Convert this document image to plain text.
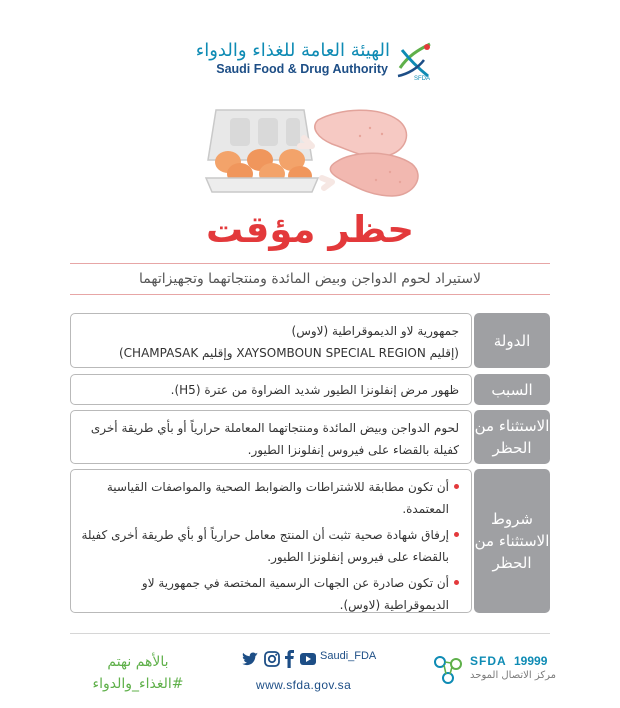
الهيئة العامة للغذاء والدواء
Saudi Food & Drug Authority
SFDA
حظر مؤقت
لاستيراد لحوم الدواجن وبيض المائدة ومنتجاتهما وتجهيزاتهما

جمهورية لاو الديموقراطية (لاوس)

(إقليم XAYSOMBOUN SPECIAL REGION وإقليم CHAMPASAK)

الدولة

ظهور مرض إنفلونزا الطيور شديد الضراوة من عترة (H5).	السبب

لحوم الدواجن وبيض المائدة ومنتجاتهما المعاملة حرارياً أو بأي طريقة أخرى كفيلة بالقضاء على فيروس إنفلونزا الطيور.

الاستثناء من الحظر
أن تكون مطابقة للاشتراطات والضوابط الصحية والمواصفات القياسية المعتمدة.
إرفاق شهادة صحية تثبت أن المنتج معامل حرارياً أو بأي طريقة أخرى كفيلة بالقضاء على فيروس إنفلونزا الطيور.
أن تكون صادرة عن الجهات الرسمية المختصة في جمهورية لاو الديموقراطية (لاوس).
شروط الاستثناء من الحظر
بالأهم نهتم
#الغذاء_والدواء
Saudi_FDA
www.sfda.gov.sa
SFDA 19999
مركز الاتصال الموحد
